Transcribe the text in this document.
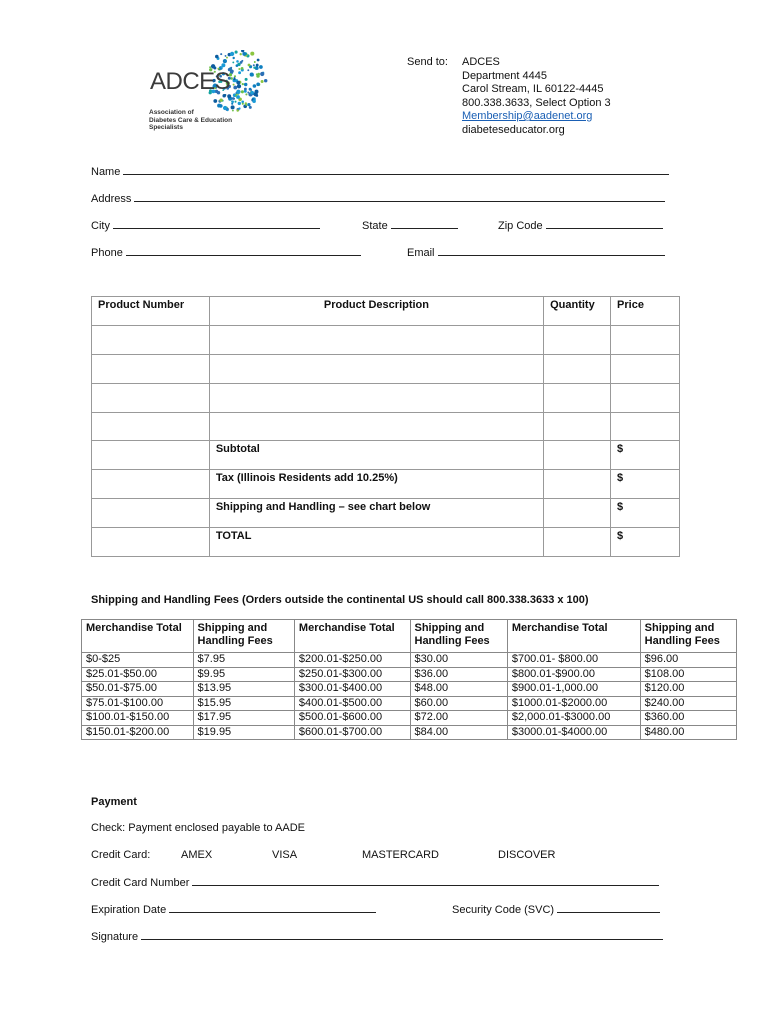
ADCES
Association of
Diabetes Care & Education
Specialists
Send to: ADCES
Department 4445
Carol Stream, IL 60122-4445
800.338.3633, Select Option 3
Membership@aadenet.org
diabeteseducator.org
Name
Address
City	State	Zip Code
Phone	Email
Product Number	Product Description	Quantity	Price

	Subtotal		$
	Tax (Illinois Residents add 10.25%)		$
	Shipping and Handling – see chart below		$
	TOTAL		$
Shipping and Handling Fees (Orders outside the continental US should call 800.338.3633 x 100)
Merchandise Total	Shipping and Handling Fees	Merchandise Total	Shipping and Handling Fees	Merchandise Total	Shipping and Handling Fees
$0-$25	$7.95	$200.01-$250.00	$30.00	$700.01- $800.00	$96.00
$25.01-$50.00	$9.95	$250.01-$300.00	$36.00	$800.01-$900.00	$108.00
$50.01-$75.00	$13.95	$300.01-$400.00	$48.00	$900.01-1,000.00	$120.00
$75.01-$100.00	$15.95	$400.01-$500.00	$60.00	$1000.01-$2000.00	$240.00
$100.01-$150.00	$17.95	$500.01-$600.00	$72.00	$2,000.01-$3000.00	$360.00
$150.01-$200.00	$19.95	$600.01-$700.00	$84.00	$3000.01-$4000.00	$480.00
Payment
Check: Payment enclosed payable to AADE
Credit Card:	AMEX	VISA	MASTERCARD	DISCOVER
Credit Card Number
Expiration Date	Security Code (SVC)
Signature
